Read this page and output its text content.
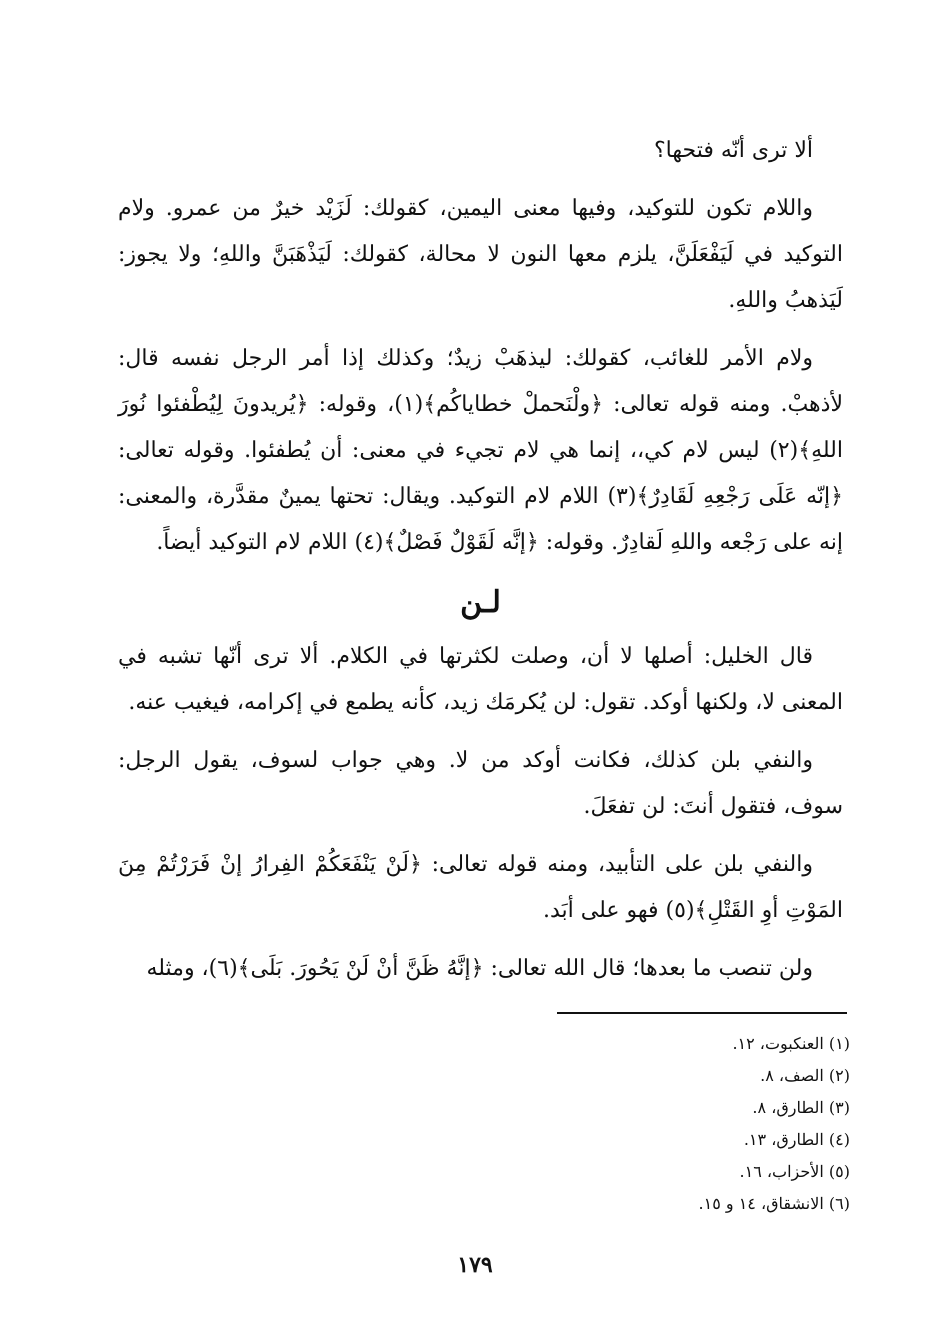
ألا ترى أنّه فتحها؟

واللام تكون للتوكيد، وفيها معنى اليمين، كقولك: لَزَيْد خيرٌ من عمرو. ولام التوكيد في لَيَفْعَلَنَّ، يلزم معها النون لا محالة، كقولك: لَيَذْهَبَنَّ واللهِ؛ ولا يجوز: لَيَذهبُ واللهِ.

ولام الأمر للغائب، كقولك: ليذهَبْ زيدٌ؛ وكذلك إذا أمر الرجل نفسه قال: لأذهبْ. ومنه قوله تعالى: ﴿ولْنَحملْ خطاياكُم﴾(١)، وقوله: ﴿يُريدونَ لِيُطْفئوا نُورَ اللهِ﴾(٢) ليس لام كي،، إنما هي لام تجيء في معنى: أن يُطفئوا. وقوله تعالى: ﴿إنّه عَلَى رَجْعِهِ لَقَادِرٌ﴾(٣) اللام لام التوكيد. ويقال: تحتها يمينٌ مقدَّرة، والمعنى: إنه على رَجْعه واللهِ لَقادِرٌ. وقوله: ﴿إنَّه لَقَوْلٌ فَصْلٌ﴾(٤) اللام لام التوكيد أيضاً.

لـن

قال الخليل: أصلها لا أن، وصلت لكثرتها في الكلام. ألا ترى أنّها تشبه في المعنى لا، ولكنها أوكد. تقول: لن يُكرمَك زيد، كأنه يطمع في إكرامه، فيغيب عنه.

والنفي بلن كذلك، فكانت أوكد من لا. وهي جواب لسوف، يقول الرجل: سوف، فتقول أنتَ: لن تفعَلَ.

والنفي بلن على التأبيد، ومنه قوله تعالى: ﴿لَنْ يَنْفَعَكُمْ الفِرارُ إنْ فَرَرْتُمْ مِنَ المَوْتِ أوِ القَتْلِ﴾(٥) فهو على أبَد.

ولن تنصب ما بعدها؛ قال الله تعالى: ﴿إنَّهُ ظَنَّ أنْ لَنْ يَحُورَ. بَلَى﴾(٦)، ومثله

(١) العنكبوت، ١٢.

(٢) الصف، ٨.

(٣) الطارق، ٨.

(٤) الطارق، ١٣.

(٥) الأحزاب، ١٦.

(٦) الانشقاق، ١٤ و ١٥.

١٧٩
